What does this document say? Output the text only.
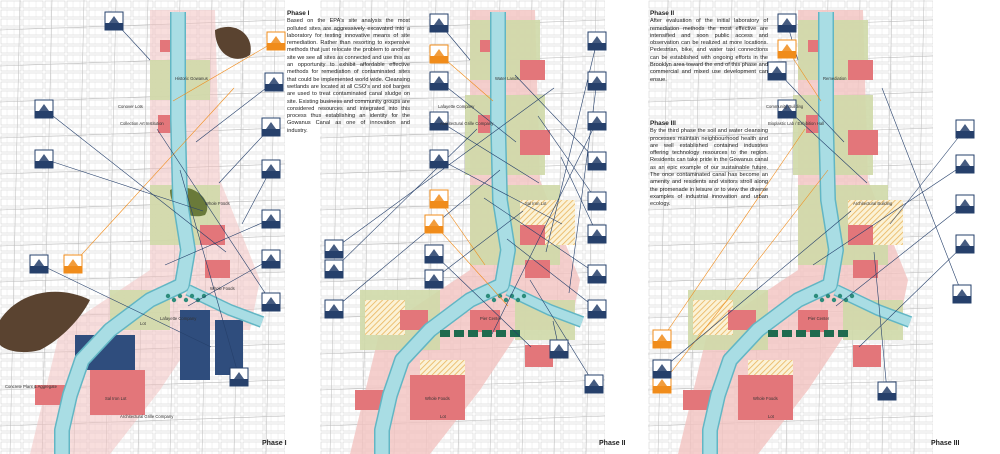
Historic Gowanus
Conover Lots
Collection Art Institution
Whole Foods
Lafayette Company
Sal Iron Lot
Architectural Grille Company
Concrete Plant & Aggregate
Whole Foods
Lot
Water Lands
Lafayette Company
Architectural Grille Company
Sal Iron Lot
Pier Center
Whole Foods
Lot
Remediation
Community Building
Bioplastic Lab / Exhibition Hall
Architectural Building
Pier Center
Whole Foods
Lot
Phase I

Based on the EPA's site analysis the most polluted sites are aggressively excavated into a laboratory for testing innovative means of site remediation. Rather than resorting to expensive methods that just relocate the problem to another site we see all sites as connected and use this as an opportunity to exhibit affordable effective methods for remediation of contaminated sites that could be implemented world wide. Cleansing wetlands are located at all CSO's and soil barges are used to treat contaminated canal sludge on site. Existing business and community groups are considered resources and integrated into this process thus establishing an identity for the Gowanus Canal as one of innovation and industry.

Phase II

After evaluation of the initial laboratory of remediation methods the most effective are intensified and soon public access and observation can be realized at more locations. Pedestrian, bike, and water taxi connections can be established with ongoing efforts in the Brooklyn area toward the end of this phase and commercial and mixed use development can ensue.

Phase III

By the third phase the soil and water cleansing processes maintain neighbourhood health and are well established contained industries offering technology resources to the region. Residents can take pride in the Gowanus canal as an epic example of our sustainable future. The once contaminated canal has become an amenity and residents and visitors stroll along the promenade in leisure or to view the diverse examples of industrial innovation and urban ecology.

Phase I	Phase II	Phase III
